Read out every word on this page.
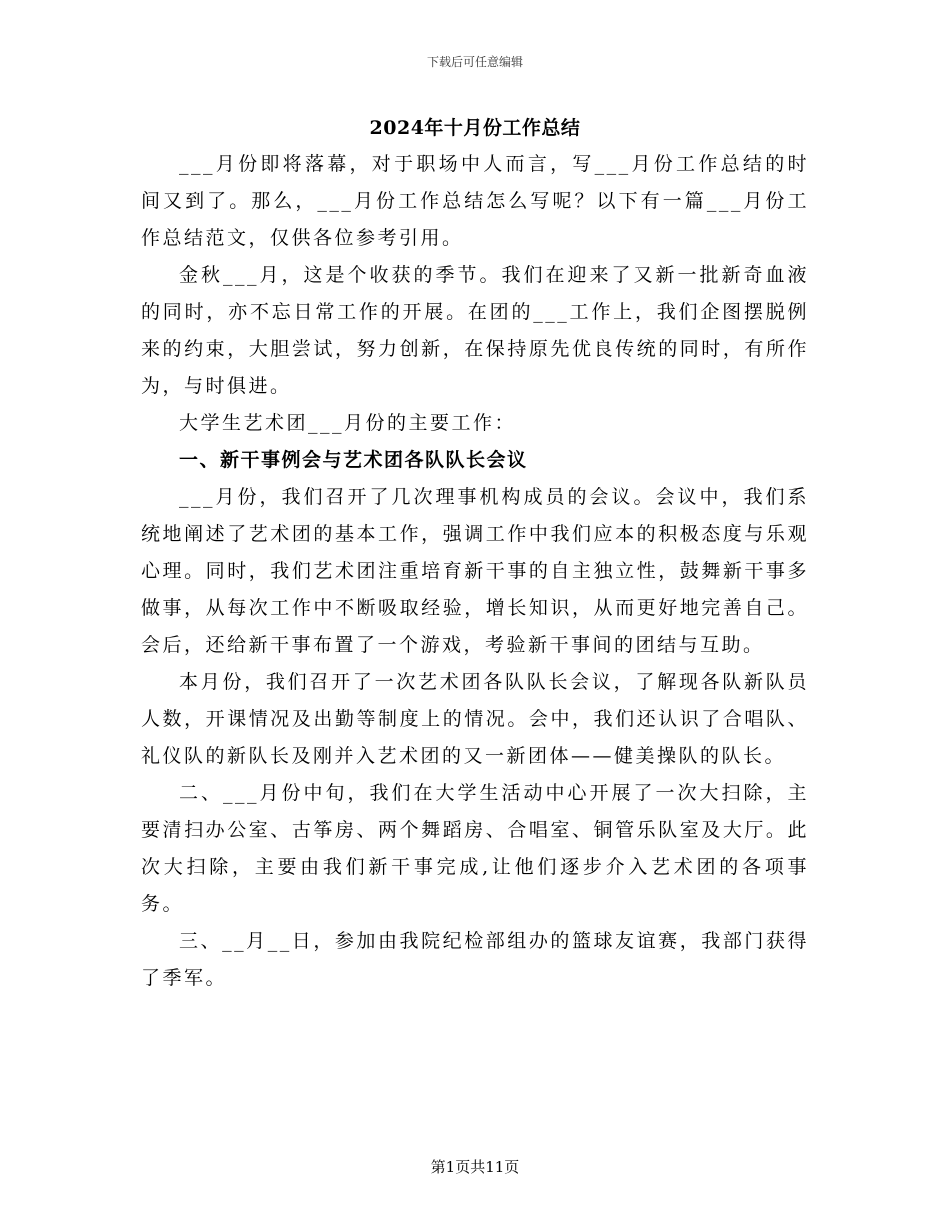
下载后可任意编辑
2024年十月份工作总结

___月份即将落幕，对于职场中人而言，写___月份工作总结的时间又到了。那么，___月份工作总结怎么写呢？以下有一篇___月份工作总结范文，仅供各位参考引用。

金秋___月，这是个收获的季节。我们在迎来了又新一批新奇血液的同时，亦不忘日常工作的开展。在团的___工作上，我们企图摆脱例来的约束，大胆尝试，努力创新，在保持原先优良传统的同时，有所作为，与时俱进。

大学生艺术团___月份的主要工作：

一、新干事例会与艺术团各队队长会议

___月份，我们召开了几次理事机构成员的会议。会议中，我们系统地阐述了艺术团的基本工作，强调工作中我们应本的积极态度与乐观心理。同时，我们艺术团注重培育新干事的自主独立性，鼓舞新干事多做事，从每次工作中不断吸取经验，增长知识，从而更好地完善自己。会后，还给新干事布置了一个游戏，考验新干事间的团结与互助。

本月份，我们召开了一次艺术团各队队长会议，了解现各队新队员人数，开课情况及出勤等制度上的情况。会中，我们还认识了合唱队、礼仪队的新队长及刚并入艺术团的又一新团体——健美操队的队长。

二、___月份中旬，我们在大学生活动中心开展了一次大扫除，主要清扫办公室、古筝房、两个舞蹈房、合唱室、铜管乐队室及大厅。此次大扫除，主要由我们新干事完成,让他们逐步介入艺术团的各项事务。

三、__月__日，参加由我院纪检部组办的篮球友谊赛，我部门获得了季军。

第1页共11页
